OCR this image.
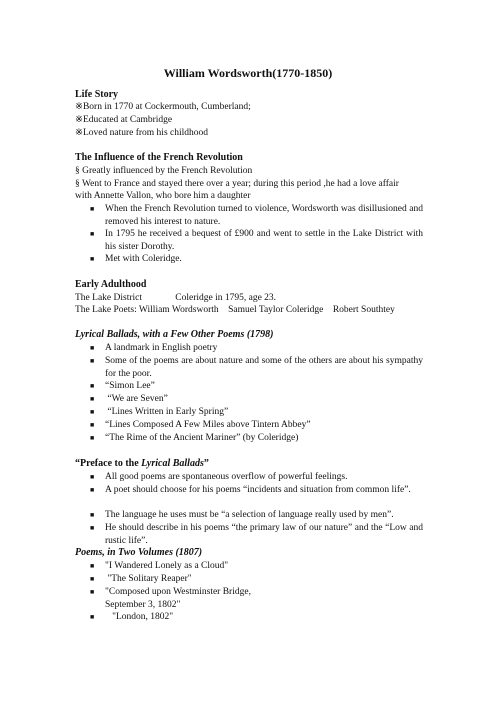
William Wordsworth(1770-1850)
Life Story
※Born in 1770 at Cockermouth, Cumberland;
※Educated at Cambridge
※Loved nature from his childhood
The Influence of the French Revolution
§ Greatly influenced by the French Revolution
§ Went to France and stayed there over a year; during this period ,he had a love affair
with Annette Vallon, who bore him a daughter
■	When the French Revolution turned to violence, Wordsworth was disillusioned and removed his interest to nature.
■	In 1795 he received a bequest of £900 and went to settle in the Lake District with his sister Dorothy.
■	Met with Coleridge.
Early Adulthood
The Lake District              Coleridge in 1795, age 23.
The Lake Poets: William Wordsworth    Samuel Taylor Coleridge    Robert Southtey
Lyrical Ballads, with a Few Other Poems (1798)
■	A landmark in English poetry
■	Some of the poems are about nature and some of the others are about his sympathy for the poor.
■	“Simon Lee”
■	“We are Seven”
■	“Lines Written in Early Spring”
■	“Lines Composed A Few Miles above Tintern Abbey”
■	“The Rime of the Ancient Mariner” (by Coleridge)
“Preface to the Lyrical Ballads”
■	All good poems are spontaneous overflow of powerful feelings.
■	A poet should choose for his poems “incidents and situation from common life”.
■	The language he uses must be “a selection of language really used by men”.
■	He should describe in his poems “the primary law of our nature” and the “Low and rustic life”.
Poems, in Two Volumes (1807)
■	"I Wandered Lonely as a Cloud"
■	"The Solitary Reaper"
■	"Composed upon Westminster Bridge, September 3, 1802"
■	"London, 1802"
